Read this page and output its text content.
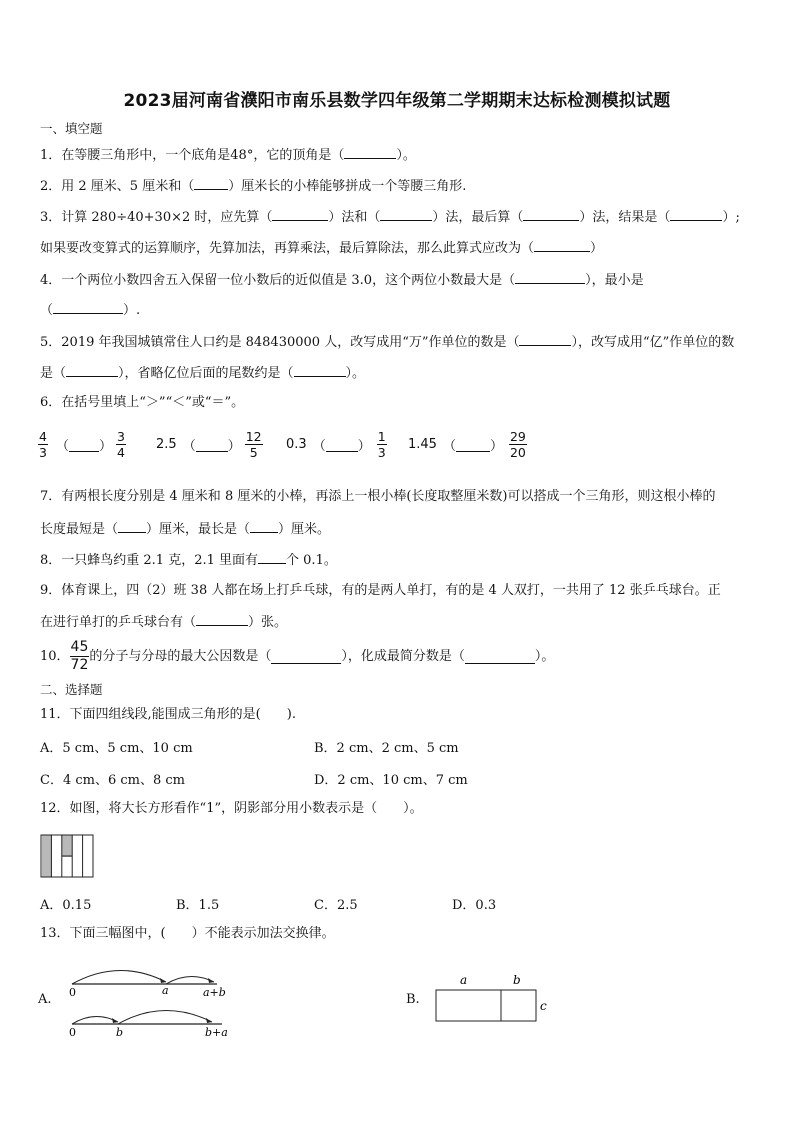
2023届河南省濮阳市南乐县数学四年级第二学期期末达标检测模拟试题
一、填空题
1．在等腰三角形中，一个底角是48°，它的顶角是（	）。
2．用 2 厘米、5 厘米和（	）厘米长的小棒能够拼成一个等腰三角形.
3．计算 280÷40+30×2 时，应先算（	）法和（	）法，最后算（	）法，结果是（	）;
如果要改变算式的运算顺序，先算加法，再算乘法，最后算除法，那么此算式应改为（	）
4．一个两位小数四舍五入保留一位小数后的近似值是 3.0，这个两位小数最大是（	），最小是
（	）.
5．2019 年我国城镇常住人口约是 848430000 人，改写成用“万”作单位的数是（	），改写成用“亿”作单位的数
是（	），省略亿位后面的尾数约是（	）。
6．在括号里填上“＞”“＜”或“＝”。
$\frac{4}{3}$ （ ） $\frac{3}{4} 2.5$ （ ） $\frac{12}{5} 0.3$ （ ） $\frac{1}{3} 1.45$ （	） $\frac{29}{20}$
7．有两根长度分别是 4 厘米和 8 厘米的小棒，再添上一根小棒(长度取整厘米数)可以搭成一个三角形，则这根小棒的
长度最短是（ ）厘米，最长是（ ）厘米。
8．一只蜂鸟约重 2.1 克，2.1 里面有 个 0.1。
9．体育课上，四（2）班 38 人都在场上打乒乓球，有的是两人单打，有的是 4 人双打，一共用了 12 张乒乓球台。正
在进行单打的乒乓球台有（	）张。
10． $\frac{45}{72}$ 的分子与分母的最大公因数是（	），化成最简分数是（	）。
二、选择题
11．下面四组线段,能围成三角形的是(　　).
A．5 cm、5 cm、10 cm	B．2 cm、2 cm、5 cm
C．4 cm、6 cm、8 cm	D．2 cm、10 cm、7 cm
12．如图，将大长方形看作“1”，阴影部分用小数表示是（　　）。
A．0.15	B．1.5	C．2.5	D．0.3
13．下面三幅图中，(　　）不能表示加法交换律。
A. 0	a	a+b
0	b	b+a
B.
a	b
c
